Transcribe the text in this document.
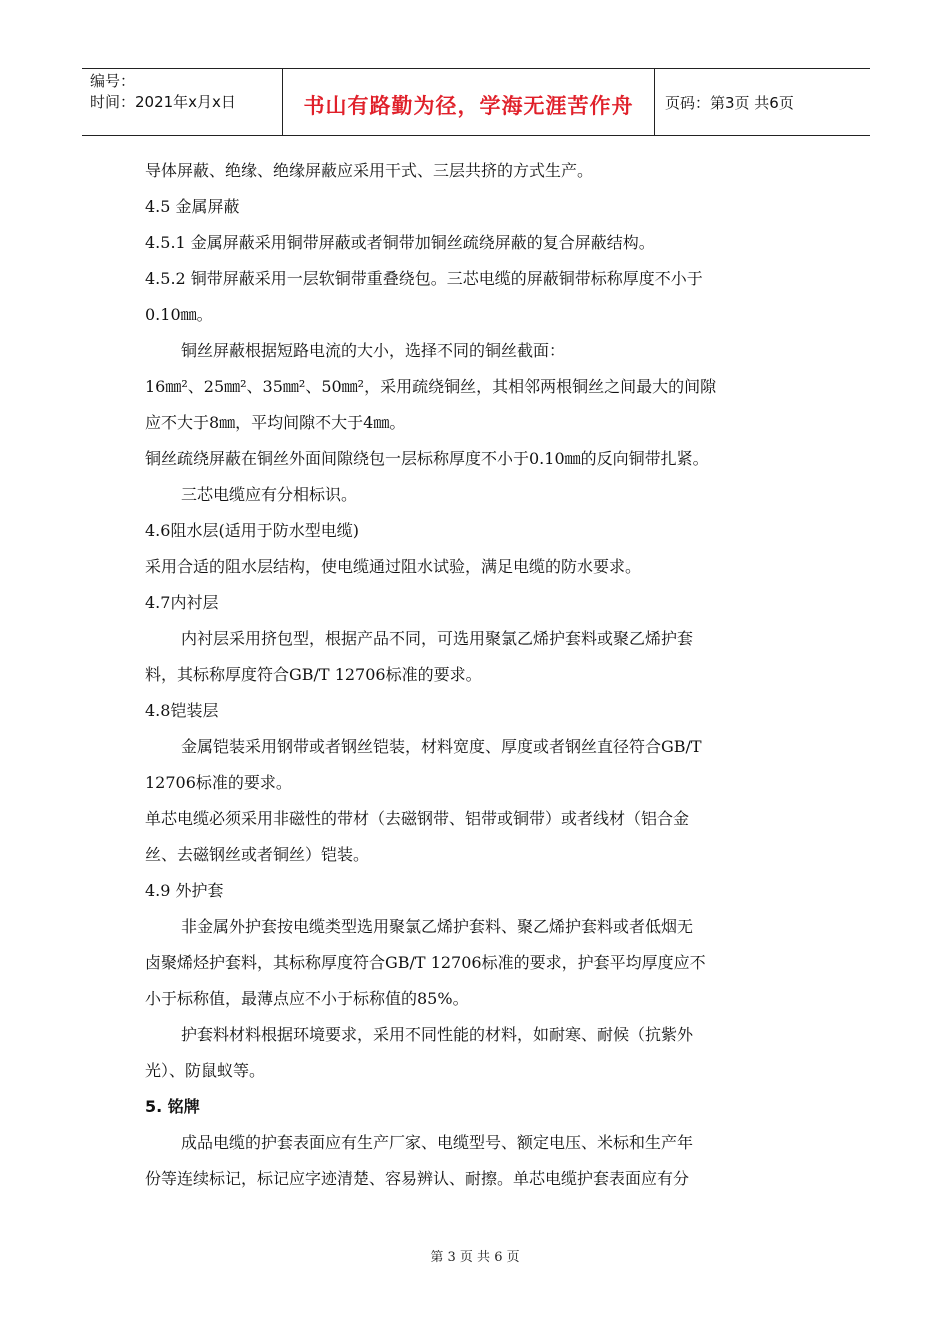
编号：
时间：2021年x月x日	书山有路勤为径，学海无涯苦作舟 页码：第3页 共6页

导体屏蔽、绝缘、绝缘屏蔽应采用干式、三层共挤的方式生产。

4.5 金属屏蔽

4.5.1 金属屏蔽采用铜带屏蔽或者铜带加铜丝疏绕屏蔽的复合屏蔽结构。

4.5.2 铜带屏蔽采用一层软铜带重叠绕包。三芯电缆的屏蔽铜带标称厚度不小于

0.10㎜。

铜丝屏蔽根据短路电流的大小，选择不同的铜丝截面：

16㎜²、25㎜²、35㎜²、50㎜²，采用疏绕铜丝，其相邻两根铜丝之间最大的间隙

应不大于8㎜，平均间隙不大于4㎜。

铜丝疏绕屏蔽在铜丝外面间隙绕包一层标称厚度不小于0.10㎜的反向铜带扎紧。

三芯电缆应有分相标识。

4.6阻水层(适用于防水型电缆)

采用合适的阻水层结构，使电缆通过阻水试验，满足电缆的防水要求。

4.7内衬层

内衬层采用挤包型，根据产品不同，可选用聚氯乙烯护套料或聚乙烯护套

料，其标称厚度符合GB/T 12706标准的要求。

4.8铠装层

金属铠装采用钢带或者钢丝铠装，材料宽度、厚度或者钢丝直径符合GB/T

12706标准的要求。

单芯电缆必须采用非磁性的带材（去磁钢带、铝带或铜带）或者线材（铝合金

丝、去磁钢丝或者铜丝）铠装。

4.9 外护套

非金属外护套按电缆类型选用聚氯乙烯护套料、聚乙烯护套料或者低烟无

卤聚烯烃护套料，其标称厚度符合GB/T 12706标准的要求，护套平均厚度应不

小于标称值，最薄点应不小于标称值的85%。

护套料材料根据环境要求，采用不同性能的材料，如耐寒、耐候（抗紫外

光）、防鼠蚁等。

5. 铭牌

成品电缆的护套表面应有生产厂家、电缆型号、额定电压、米标和生产年

份等连续标记，标记应字迹清楚、容易辨认、耐擦。单芯电缆护套表面应有分

第 3 页 共 6 页
